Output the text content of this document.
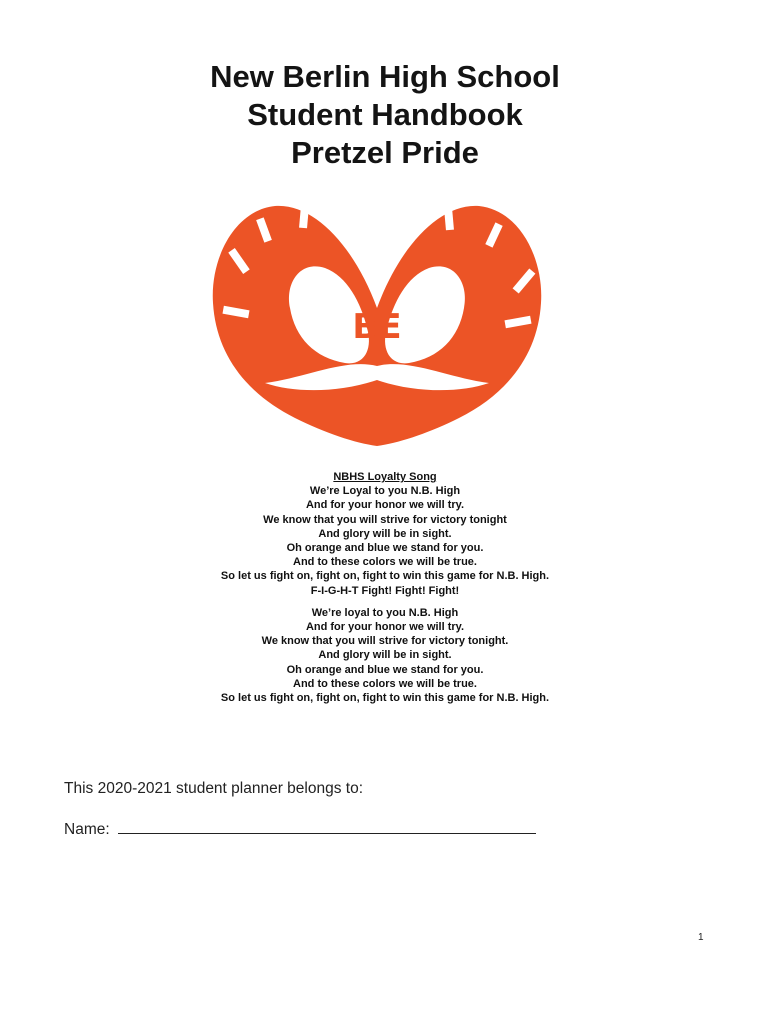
New Berlin High School
Student Handbook
Pretzel Pride
BE
NBHS Loyalty Song
We’re Loyal to you N.B. High
And for your honor we will try.
We know that you will strive for victory tonight
And glory will be in sight.
Oh orange and blue we stand for you.
And to these colors we will be true.
So let us fight on, fight on, fight to win this game for N.B. High.
F-I-G-H-T Fight! Fight! Fight!
We’re loyal to you N.B. High
And for your honor we will try.
We know that you will strive for victory tonight.
And glory will be in sight.
Oh orange and blue we stand for you.
And to these colors we will be true.
So let us fight on, fight on, fight to win this game for N.B. High.
This 2020-2021 student planner belongs to:
Name:
1
